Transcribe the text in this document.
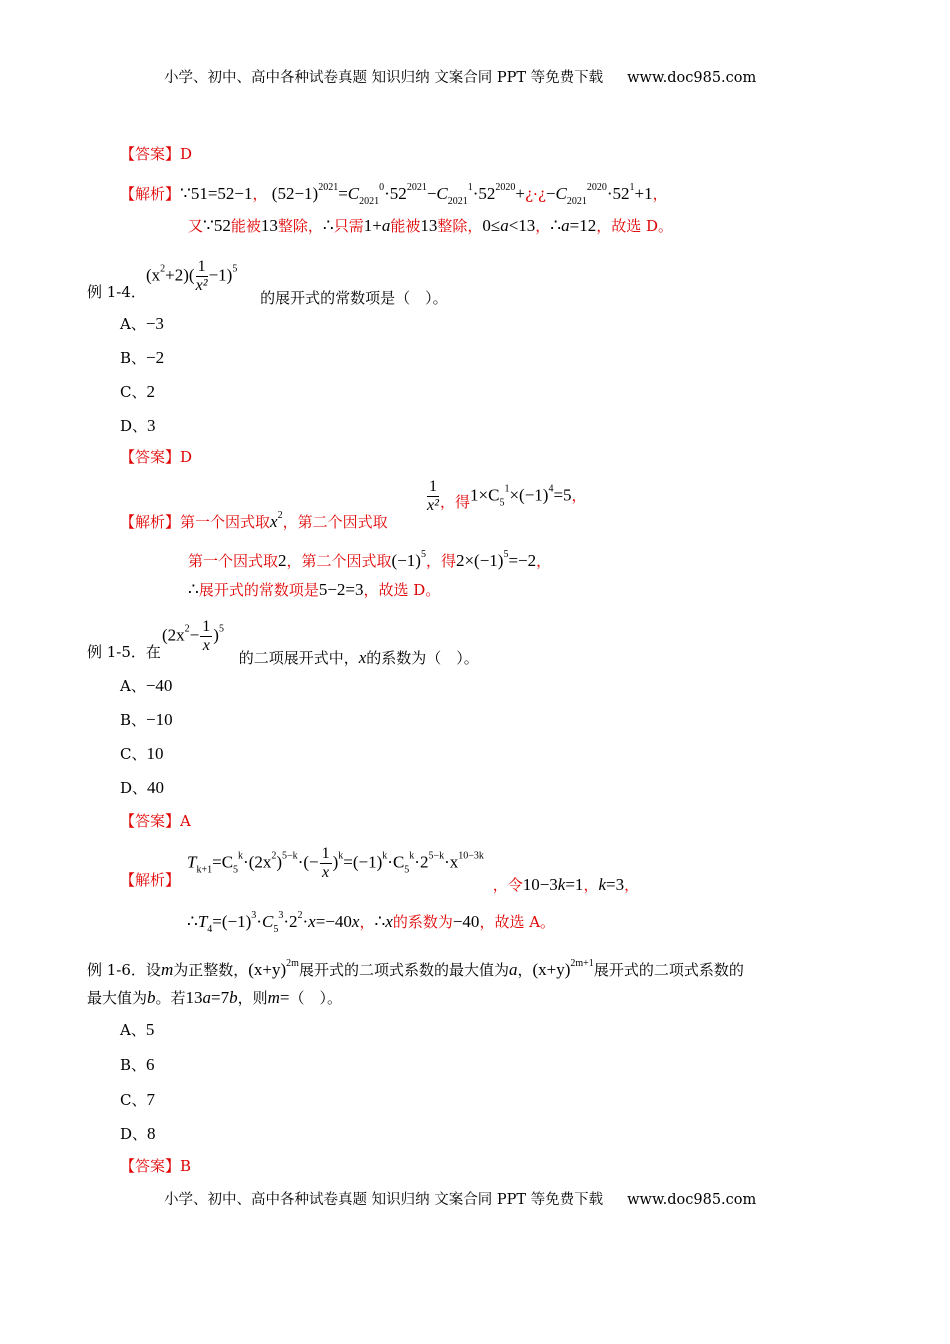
小学、初中、高中各种试卷真题 知识归纳 文案合同 PPT 等免费下载 www.doc985.com
【答案】D
【解析】∵51=52−1， $(52-1)^{2021}=C_{2021}^0\cdot 52^{2021}-C_{2021}^1\cdot 52^{2020}+¿\cdot¿-C_{2021}^{2020}\cdot 52^1+1$，
又∵52能被13整除，∴只需1+a能被13整除，0≤a<13，∴a=12，故选 D。
例 1-4．
$(x^2+2)( \frac{1}{\text{x²}} -1)^5$ 的展开式的常数项是（　）。
A、−3
B、−2
C、2
D、3
【答案】D
【解析】第一个因式取$x^2$，第二个因式取
$\frac{1}{\text{x²}}$ ，得$1\times C_5^1\times(-1)^4=5$，
第一个因式取2，第二个因式取$(-1)^5$，得$2\times(-1)^5=-2$，
∴展开式的常数项是5−2=3，故选 D。
例 1-5．在
$(2x^2- \frac{1}{x} )^5$ 的二项展开式中，x的系数为（　）。
A、−40
B、−10
C、10
D、40
【答案】A
【解析】
$T_{k+1}=C_5^k\cdot(2x^2)^{5-k}\cdot(- \frac{1}{x} )^k=(-1)^k\cdot C_5^k\cdot 2^{5-k}\cdot x^{10-3k}$ ，令10−3k=1，k=3，
$\therefore T_4=(-1)^3\cdot C_5^3\cdot 2^2\cdot x=-40x$，∴x的系数为−40，故选 A。
例 1-6．设m为正整数，$(x+y)^{2m}$展开式的二项式系数的最大值为a，$(x+y)^{2m+1}$展开式的二项式系数的
最大值为b。若13a=7b，则m=（　）。
A、5
B、6
C、7
D、8
【答案】B
小学、初中、高中各种试卷真题 知识归纳 文案合同 PPT 等免费下载 www.doc985.com
